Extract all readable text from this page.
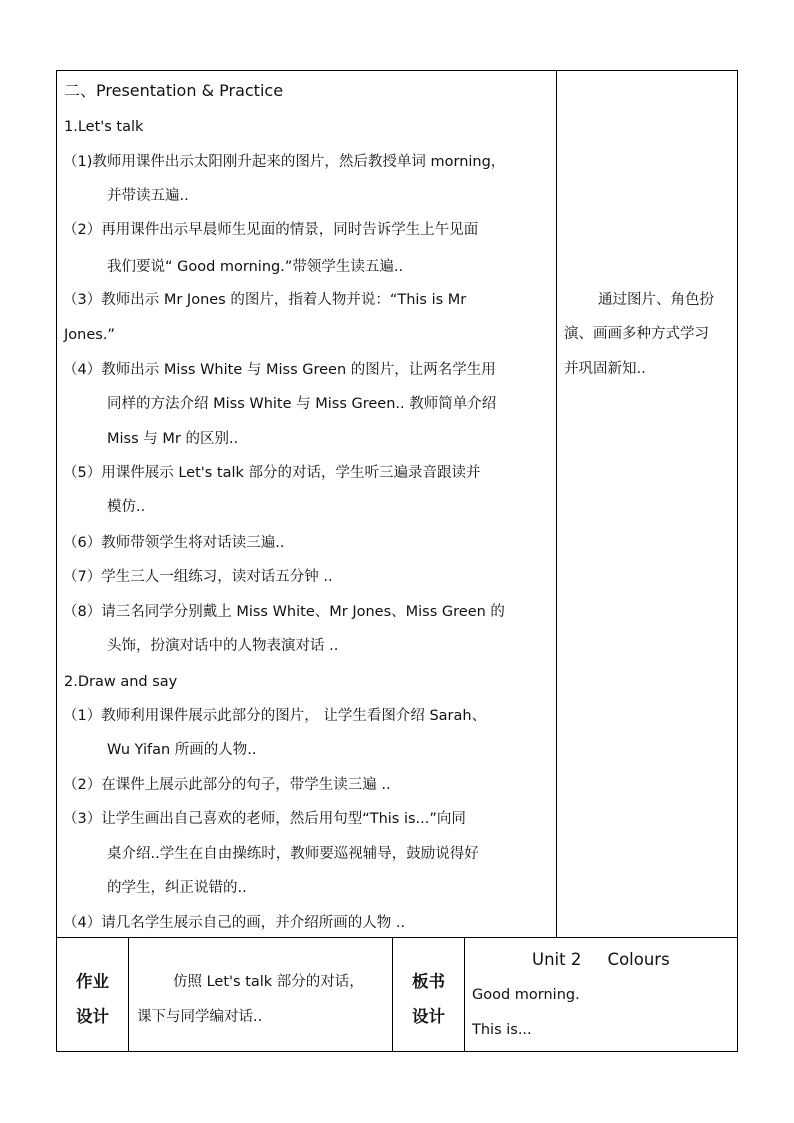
二、Presentation & Practice
1.Let's talk
（1)教师用课件出示太阳刚升起来的图片，然后教授单词 morning，
并带读五遍..
（2）再用课件出示早晨师生见面的情景，同时告诉学生上午见面
我们要说“ Good morning.”带领学生读五遍..
（3）教师出示 Mr Jones 的图片，指着人物并说：“This is Mr
Jones.”
（4）教师出示 Miss White 与 Miss Green 的图片，让两名学生用
同样的方法介绍 Miss White 与 Miss Green.. 教师简单介绍
Miss 与 Mr 的区别..
（5）用课件展示 Let's talk 部分的对话，学生听三遍录音跟读并
模仿..
（6）教师带领学生将对话读三遍..
（7）学生三人一组练习，读对话五分钟 ..
（8）请三名同学分别戴上 Miss White、Mr Jones、Miss Green 的
头饰，扮演对话中的人物表演对话 ..
2.Draw and say
（1）教师利用课件展示此部分的图片， 让学生看图介绍 Sarah、
Wu Yifan 所画的人物..
（2）在课件上展示此部分的句子，带学生读三遍 ..
（3）让学生画出自己喜欢的老师，然后用句型“This is...”向同
桌介绍..学生在自由操练时，教师要巡视辅导，鼓励说得好
的学生，纠正说错的..
（4）请几名学生展示自己的画，并介绍所画的人物 ..
通过图片、角色扮
演、画画多种方式学习
并巩固新知..
作业
设计
仿照 Let's talk 部分的对话，
课下与同学编对话..
板书
设计
Unit 2     Colours
Good morning.
This is...
